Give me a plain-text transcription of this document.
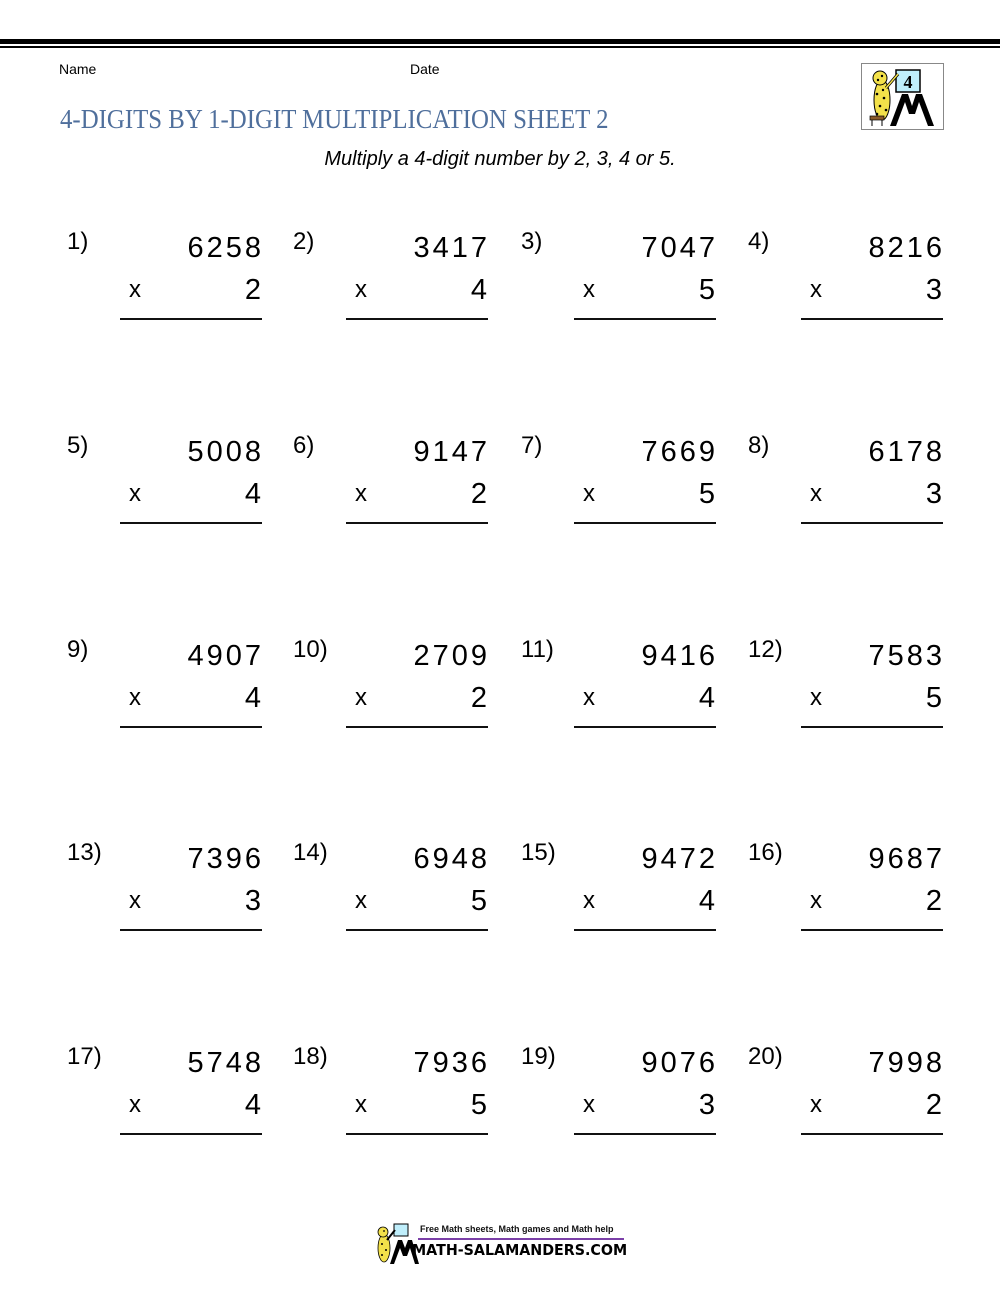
Name	Date
4
4-DIGITS BY 1-DIGIT MULTIPLICATION SHEET 2
Multiply a 4-digit number by 2, 3, 4 or 5.
1)	6258
x	2
2)	3417
x	4
3)	7047
x	5
4)	8216
x	3
5)	5008
x	4
6)	9147
x	2
7)	7669
x	5
8)	6178
x	3
9)	4907
x	4
10)	2709
x	2
11)	9416
x	4
12)	7583
x	5
13)	7396
x	3
14)	6948
x	5
15)	9472
x	4
16)	9687
x	2
17)	5748
x	4
18)	7936
x	5
19)	9076
x	3
20)	7998
x	2
Free Math sheets, Math games and Math help
MATH-SALAMANDERS.COM
